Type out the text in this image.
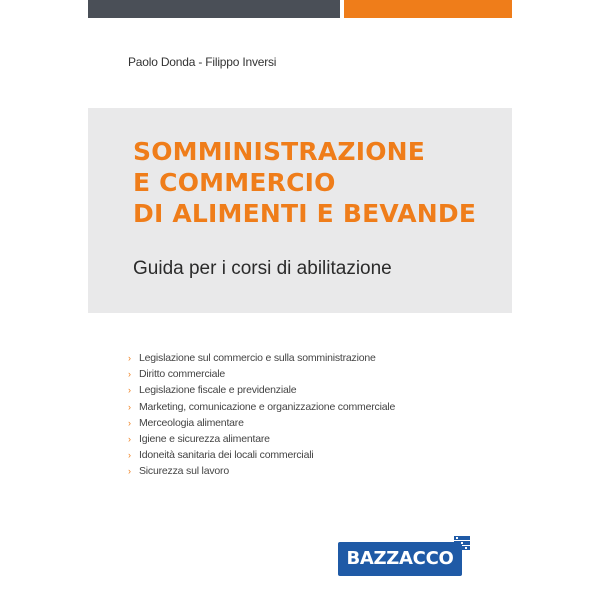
Paolo Donda - Filippo Inversi
SOMMINISTRAZIONE
E COMMERCIO
DI ALIMENTI E BEVANDE
Guida per i corsi di abilitazione
› Legislazione sul commercio e sulla somministrazione
› Diritto commerciale
› Legislazione fiscale e previdenziale
› Marketing, comunicazione e organizzazione commerciale
› Merceologia alimentare
› Igiene e sicurezza alimentare
› Idoneità sanitaria dei locali commerciali
› Sicurezza sul lavoro
BAZZACCO
